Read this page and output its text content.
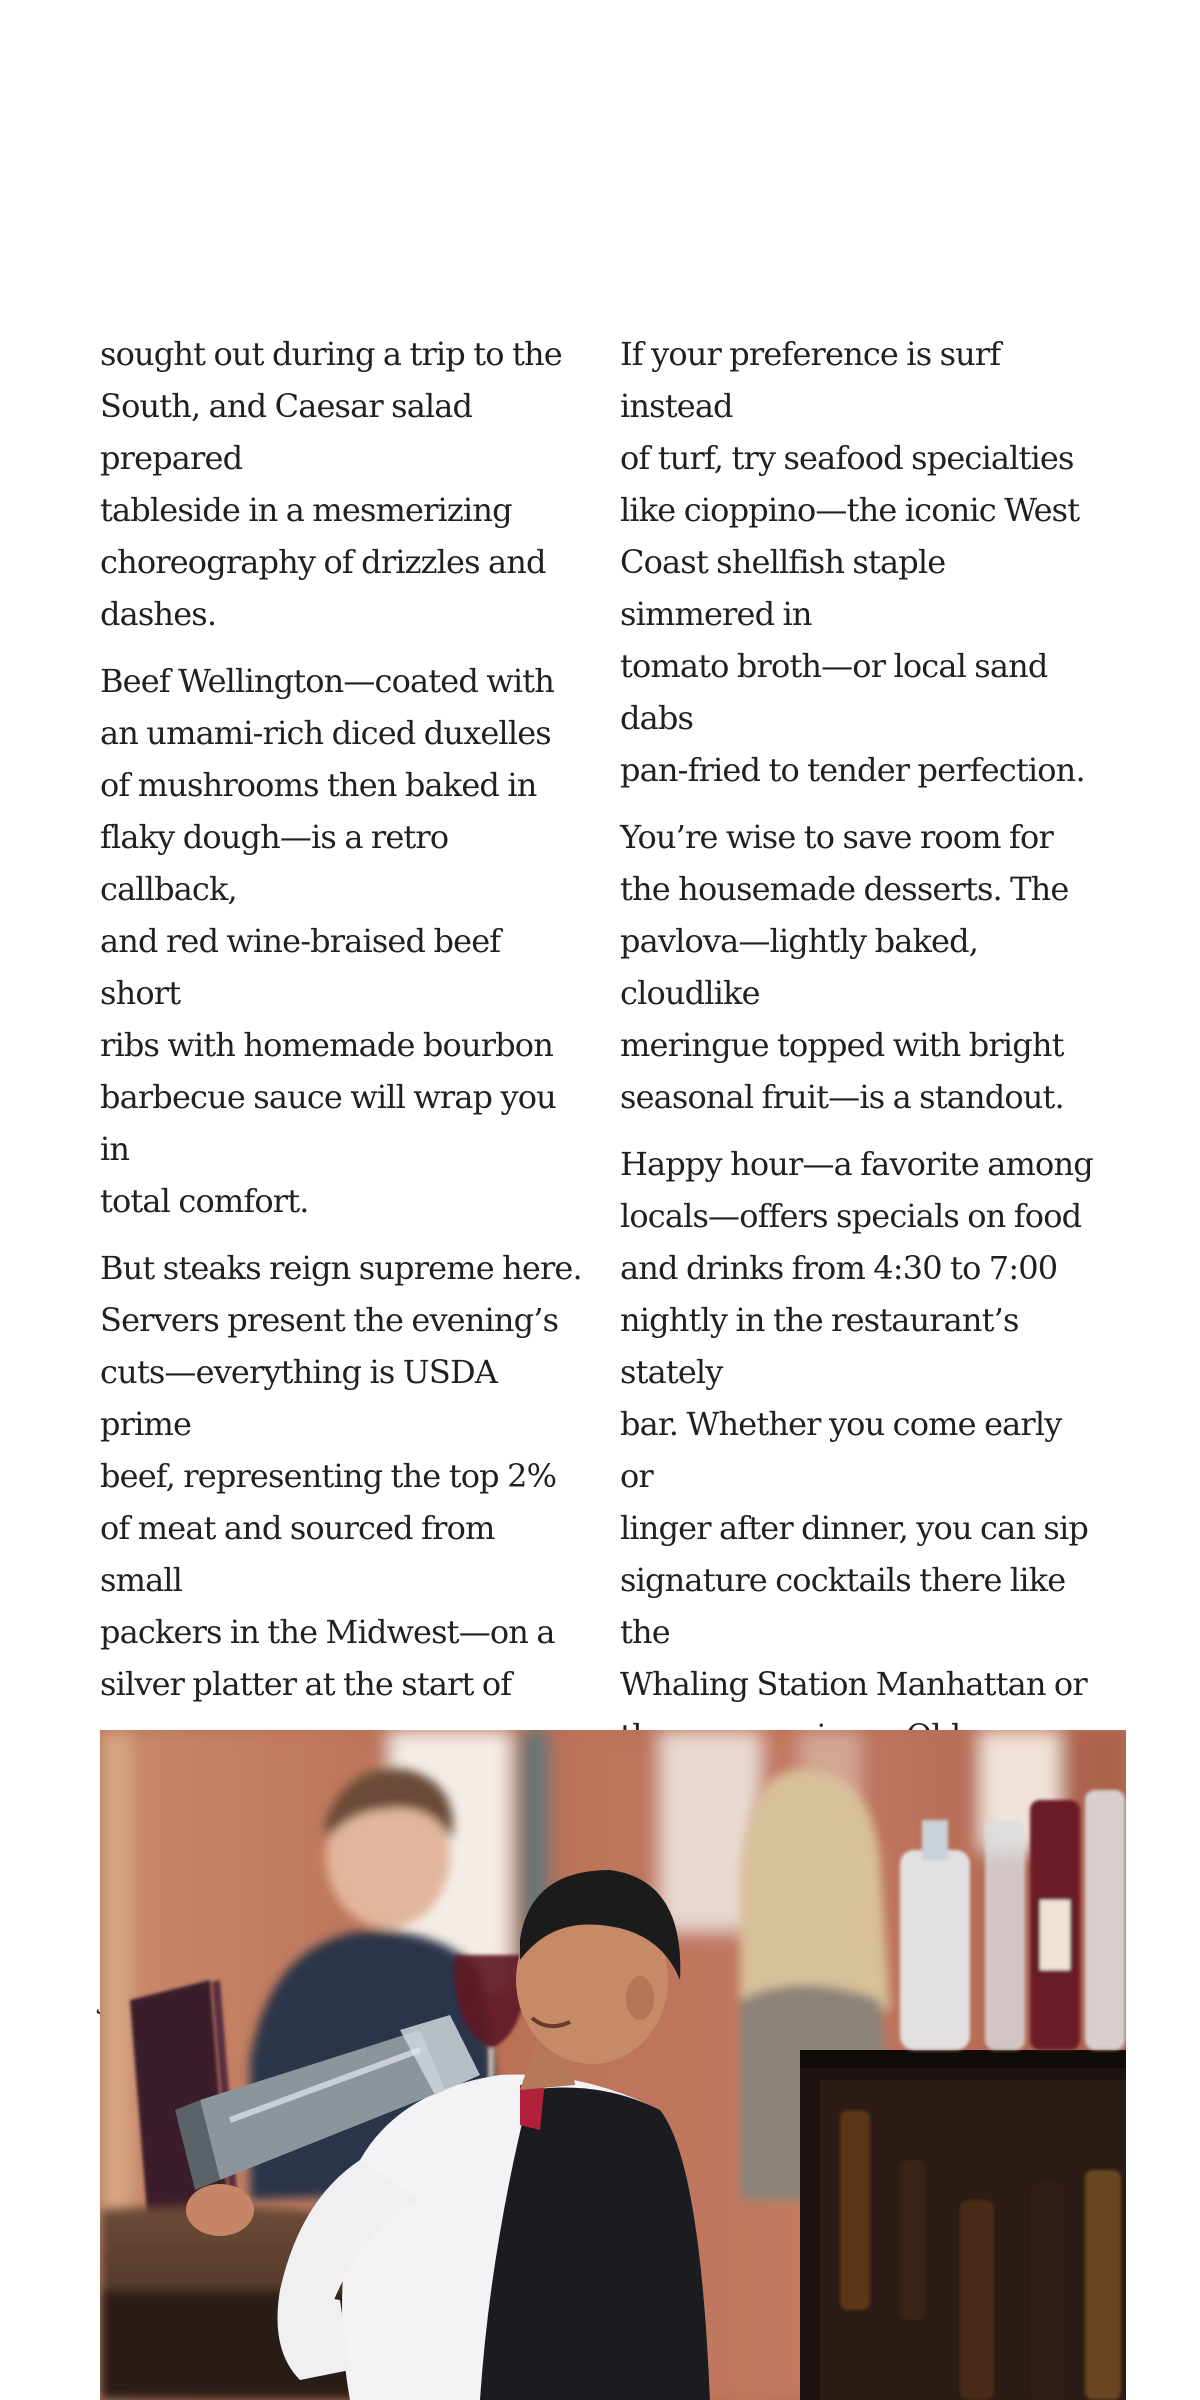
sought out during a trip to the
South, and Caesar salad prepared
tableside in a mesmerizing
choreography of drizzles and
dashes.

Beef Wellington—coated with
an umami-rich diced duxelles
of mushrooms then baked in
flaky dough—is a retro callback,
and red wine-braised beef short
ribs with homemade bourbon
barbecue sauce will wrap you in
total comfort.

But steaks reign supreme here.
Servers present the evening’s
cuts—everything is USDA prime
beef, representing the top 2%
of meat and sourced from small
packers in the Midwest—on a
silver platter at the start of

If your preference is surf instead
of turf, try seafood specialties
like cioppino—the iconic West
Coast shellfish staple simmered in
tomato broth—or local sand dabs
pan-fried to tender perfection.

You’re wise to save room for
the housemade desserts. The
pavlova—lightly baked, cloudlike
meringue topped with bright
seasonal fruit—is a standout.

Happy hour—a favorite among
locals—offers specials on food
and drinks from 4:30 to 7:00
nightly in the restaurant’s stately
bar. Whether you come early or
linger after dinner, you can sip
signature cocktails there like the
Whaling Station Manhattan or
